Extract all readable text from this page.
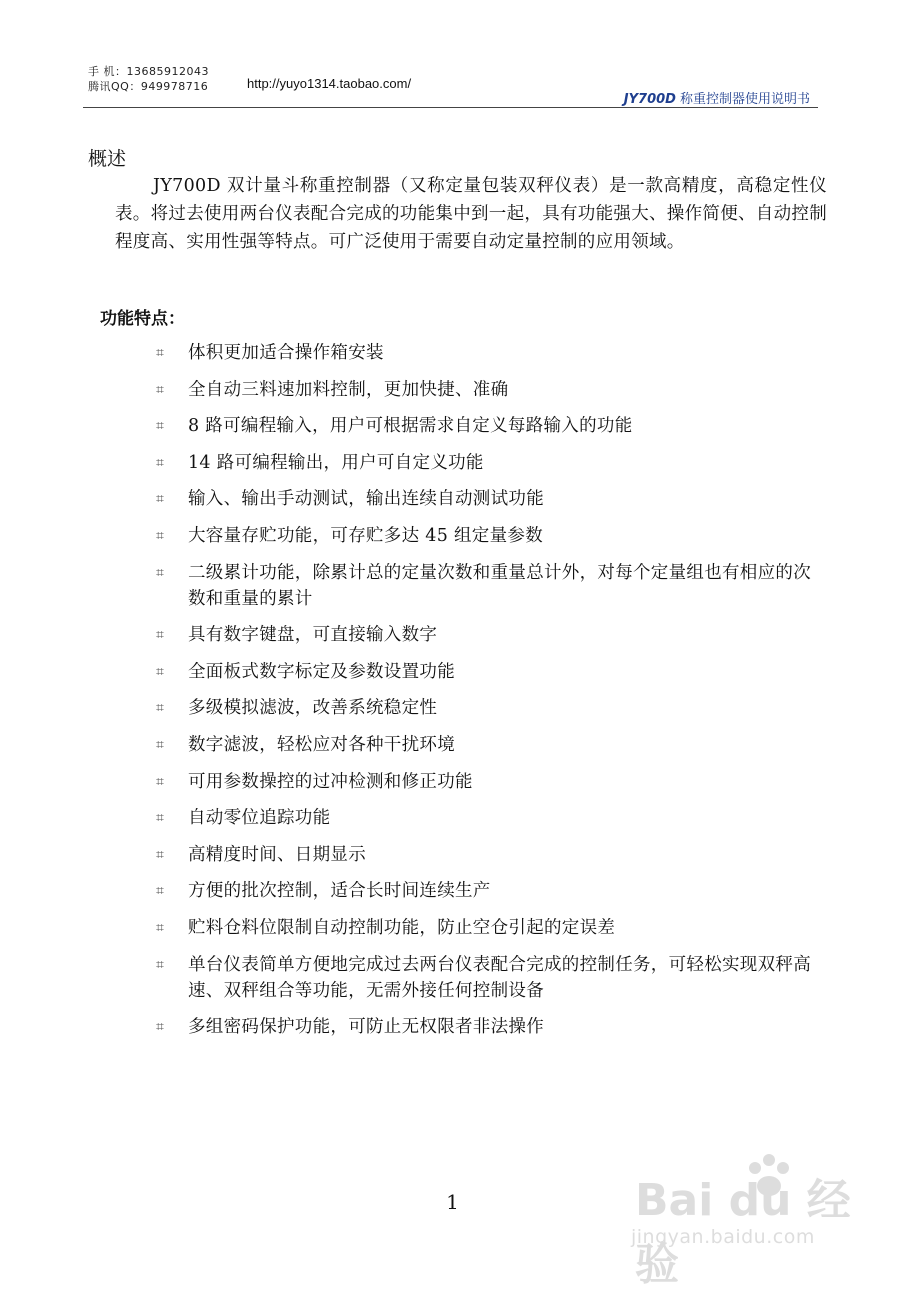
手 机：13685912043
腾讯QQ：949978716	http://yuyo1314.taobao.com/
JY700D 称重控制器使用说明书
概述

JY700D 双计量斗称重控制器（又称定量包装双秤仪表）是一款高精度，高稳定性仪表。将过去使用两台仪表配合完成的功能集中到一起，具有功能强大、操作简便、自动控制程度高、实用性强等特点。可广泛使用于需要自动定量控制的应用领域。

功能特点：
⌗ 体积更加适合操作箱安装
⌗ 全自动三料速加料控制，更加快捷、准确
⌗ 8 路可编程输入，用户可根据需求自定义每路输入的功能
⌗ 14 路可编程输出，用户可自定义功能
⌗ 输入、输出手动测试，输出连续自动测试功能
⌗ 大容量存贮功能，可存贮多达 45 组定量参数
⌗ 二级累计功能，除累计总的定量次数和重量总计外，对每个定量组也有相应的次数和重量的累计
⌗ 具有数字键盘，可直接输入数字
⌗ 全面板式数字标定及参数设置功能
⌗ 多级模拟滤波，改善系统稳定性
⌗ 数字滤波，轻松应对各种干扰环境
⌗ 可用参数操控的过冲检测和修正功能
⌗ 自动零位追踪功能
⌗ 高精度时间、日期显示
⌗ 方便的批次控制，适合长时间连续生产
⌗ 贮料仓料位限制自动控制功能，防止空仓引起的定误差
⌗ 单台仪表简单方便地完成过去两台仪表配合完成的控制任务，可轻松实现双秤高速、双秤组合等功能，无需外接任何控制设备
⌗ 多组密码保护功能，可防止无权限者非法操作
1	Bai du 经验
jingyan.baidu.com
